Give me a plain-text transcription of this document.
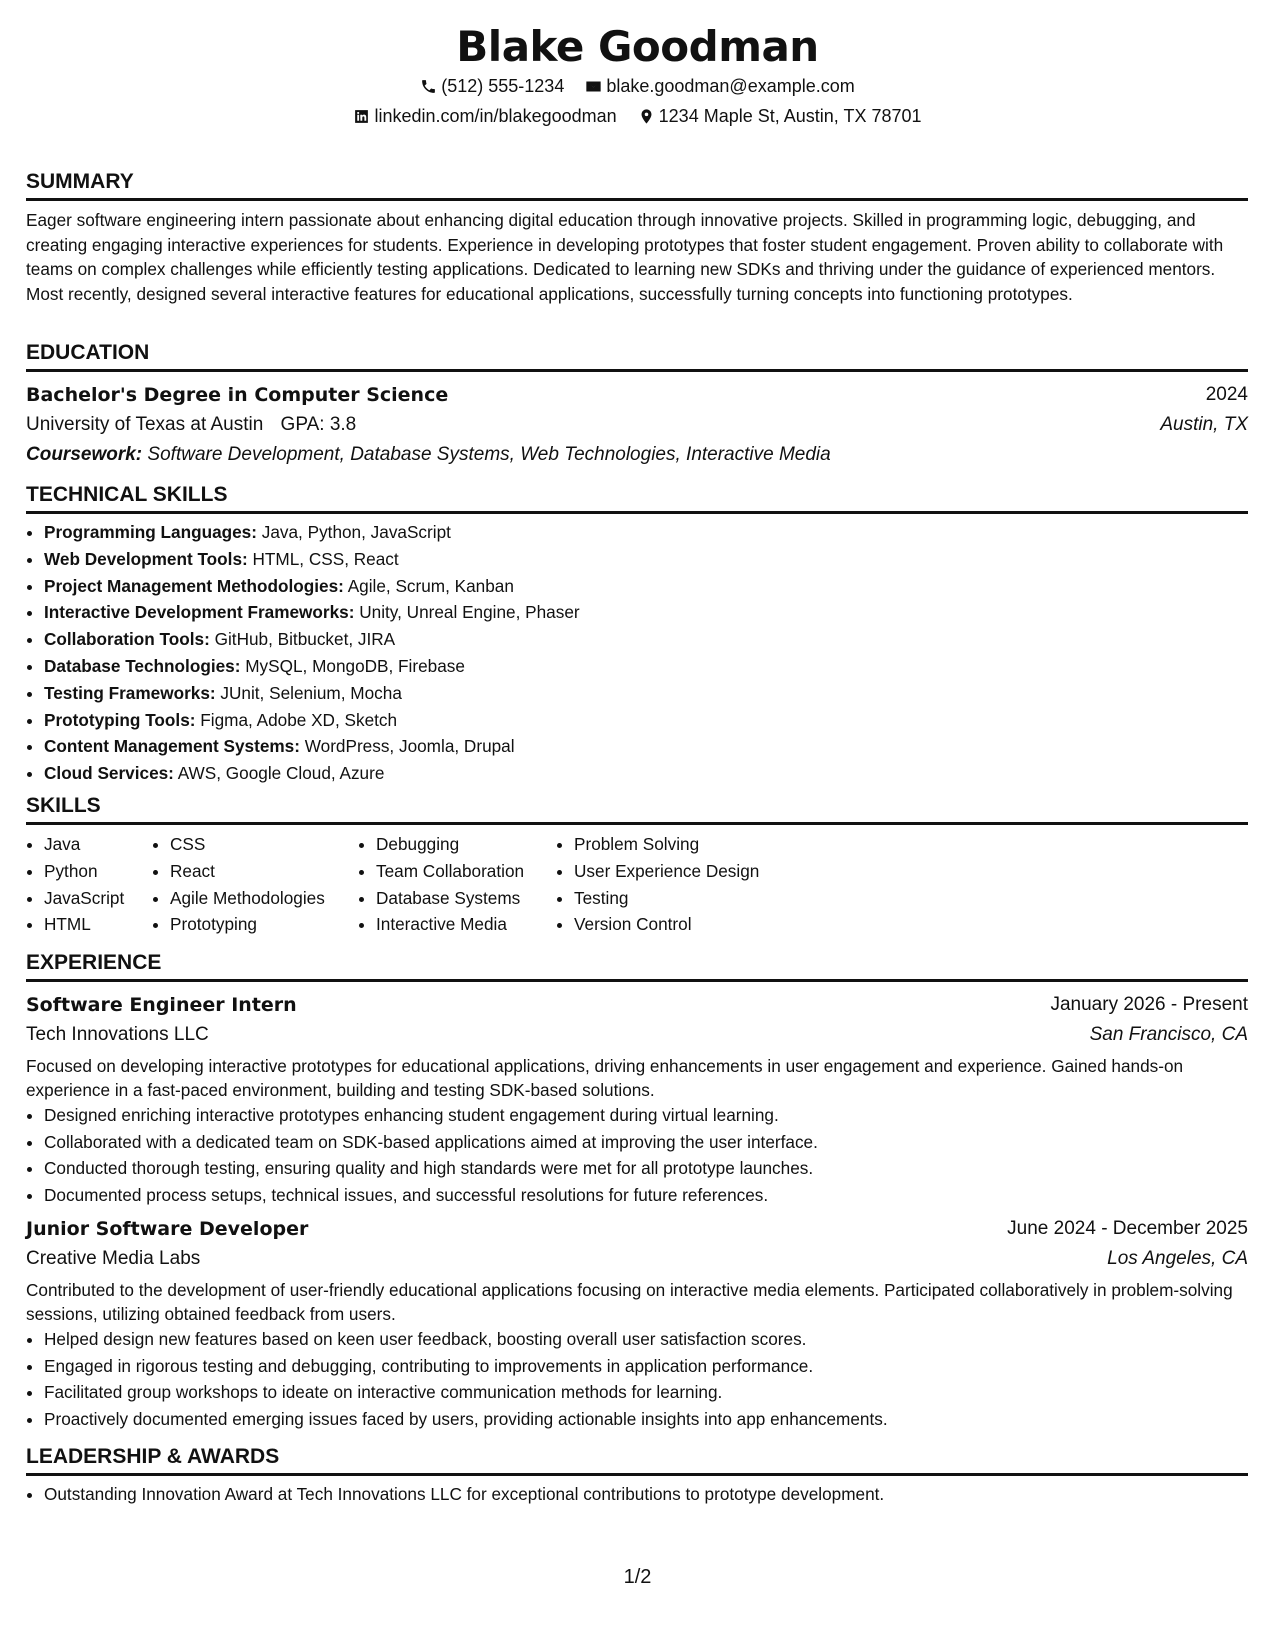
Blake Goodman
(512) 555-1234
blake.goodman@example.com
linkedin.com/in/blakegoodman
1234 Maple St, Austin, TX 78701
SUMMARY
Eager software engineering intern passionate about enhancing digital education through innovative projects. Skilled in programming logic, debugging, and creating engaging interactive experiences for students. Experience in developing prototypes that foster student engagement. Proven ability to collaborate with teams on complex challenges while efficiently testing applications. Dedicated to learning new SDKs and thriving under the guidance of experienced mentors. Most recently, designed several interactive features for educational applications, successfully turning concepts into functioning prototypes.
EDUCATION
Bachelor's Degree in Computer Science	2024
University of Texas at Austin GPA: 3.8	Austin, TX
Coursework: Software Development, Database Systems, Web Technologies, Interactive Media
TECHNICAL SKILLS
• Programming Languages: Java, Python, JavaScript
• Web Development Tools: HTML, CSS, React
• Project Management Methodologies: Agile, Scrum, Kanban
• Interactive Development Frameworks: Unity, Unreal Engine, Phaser
• Collaboration Tools: GitHub, Bitbucket, JIRA
• Database Technologies: MySQL, MongoDB, Firebase
• Testing Frameworks: JUnit, Selenium, Mocha
• Prototyping Tools: Figma, Adobe XD, Sketch
• Content Management Systems: WordPress, Joomla, Drupal
• Cloud Services: AWS, Google Cloud, Azure
SKILLS
• Java
• Python
• JavaScript
• HTML
• CSS
• React
• Agile Methodologies
• Prototyping
• Debugging
• Team Collaboration
• Database Systems
• Interactive Media
• Problem Solving
• User Experience Design
• Testing
• Version Control
EXPERIENCE
Software Engineer Intern	January 2026 - Present
Tech Innovations LLC	San Francisco, CA
Focused on developing interactive prototypes for educational applications, driving enhancements in user engagement and experience. Gained hands-on experience in a fast-paced environment, building and testing SDK-based solutions.
• Designed enriching interactive prototypes enhancing student engagement during virtual learning.
• Collaborated with a dedicated team on SDK-based applications aimed at improving the user interface.
• Conducted thorough testing, ensuring quality and high standards were met for all prototype launches.
• Documented process setups, technical issues, and successful resolutions for future references.
Junior Software Developer	June 2024 - December 2025
Creative Media Labs	Los Angeles, CA
Contributed to the development of user-friendly educational applications focusing on interactive media elements. Participated collaboratively in problem-solving sessions, utilizing obtained feedback from users.
• Helped design new features based on keen user feedback, boosting overall user satisfaction scores.
• Engaged in rigorous testing and debugging, contributing to improvements in application performance.
• Facilitated group workshops to ideate on interactive communication methods for learning.
• Proactively documented emerging issues faced by users, providing actionable insights into app enhancements.
LEADERSHIP & AWARDS
• Outstanding Innovation Award at Tech Innovations LLC for exceptional contributions to prototype development.
1/2
